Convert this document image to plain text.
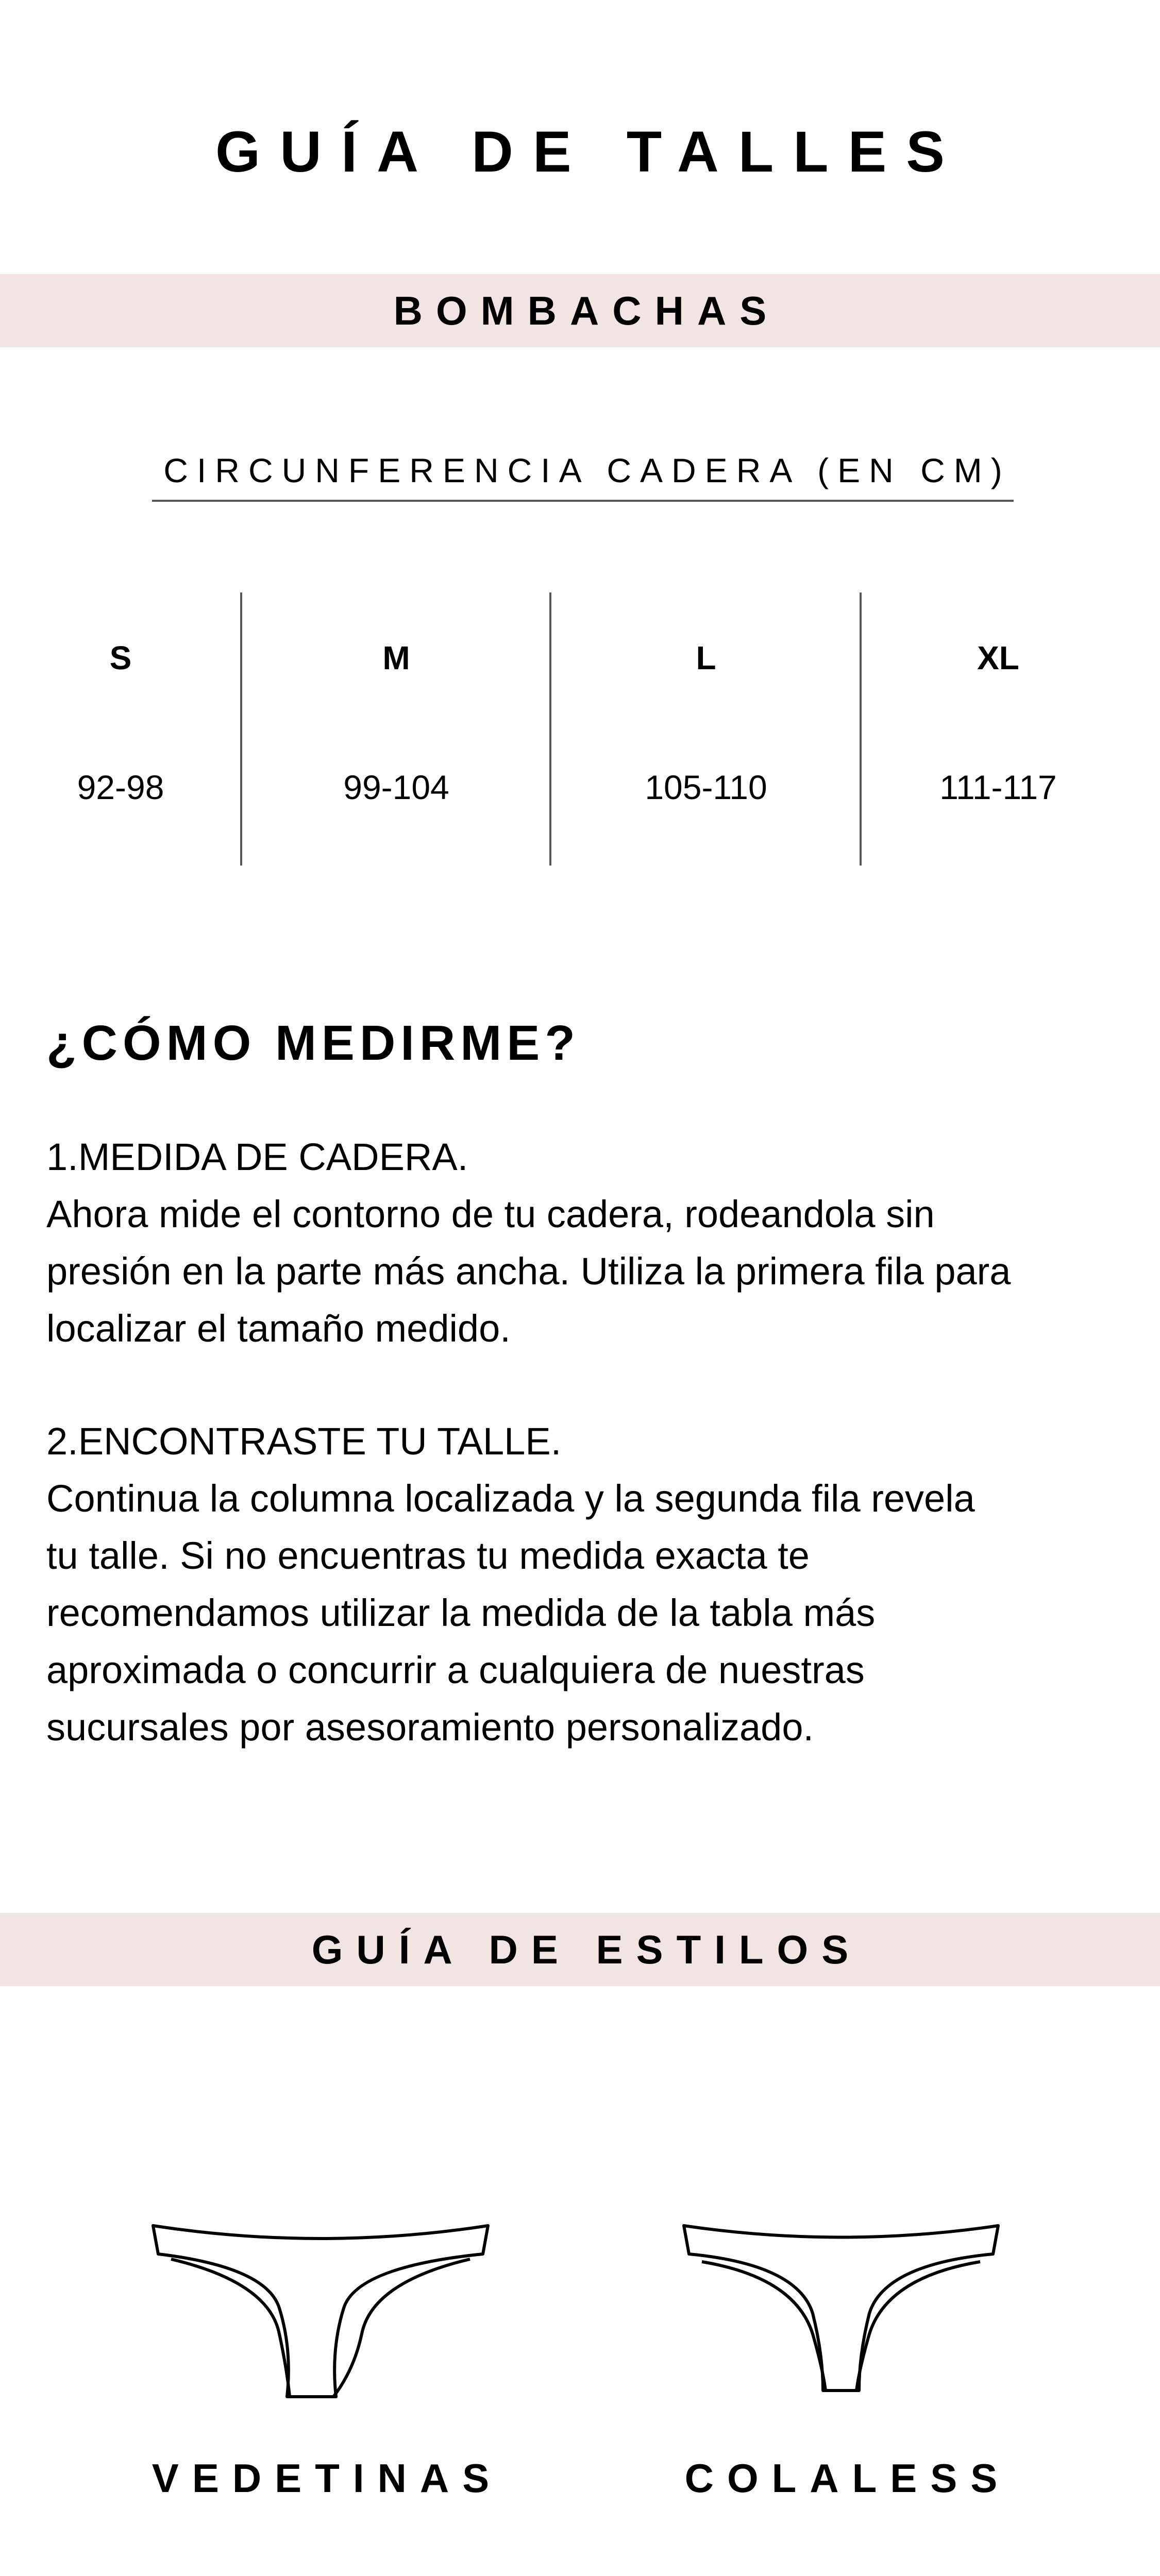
GUÍA DE TALLES
BOMBACHAS
CIRCUNFERENCIA CADERA (EN CM)
S
92-98
M
99-104
L
105-110
XL
111-117
¿CÓMO MEDIRME?
1.MEDIDA DE CADERA.
Ahora mide el contorno de tu cadera, rodeandola sin
presión en la parte más ancha. Utiliza la primera fila para
localizar el tamaño medido.
2.ENCONTRASTE TU TALLE.
Continua la columna localizada y la segunda fila revela
tu talle. Si no encuentras tu medida exacta te
recomendamos utilizar la medida de la tabla más
aproximada o concurrir a cualquiera de nuestras
sucursales por asesoramiento personalizado.
GUÍA DE ESTILOS
VEDETINAS	COLALESS
